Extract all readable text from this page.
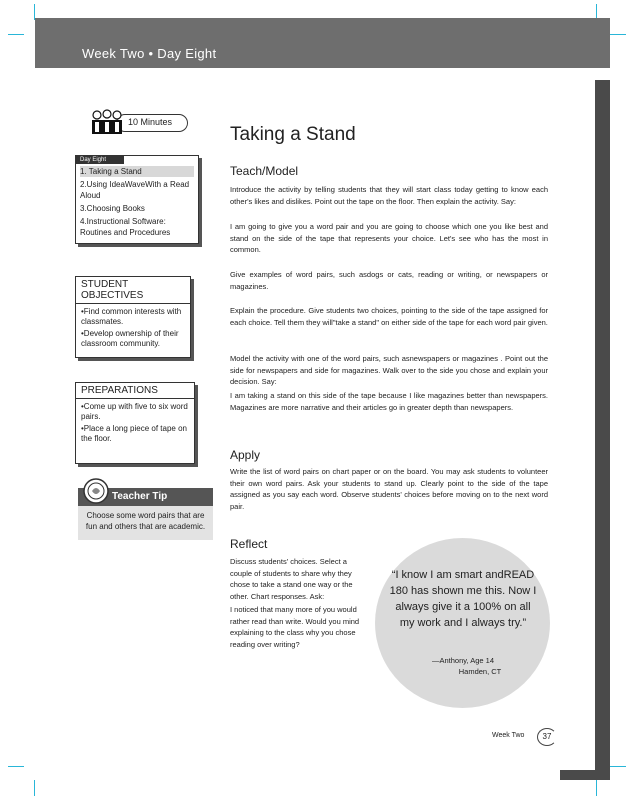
Week Two • Day Eight
10 Minutes
Day Eight
1. Taking a Stand
2.Using IdeaWaveWith a Read Aloud
3.Choosing Books
4.Instructional Software: Routines and Procedures
STUDENT OBJECTIVES
•Find common interests with classmates.
•Develop ownership of their classroom community.
PREPARATIONS
•Come up with five to six word pairs.
•Place a long piece of tape on the floor.
Teacher Tip
Choose some word pairs that are fun and others that are academic.
Taking a Stand
Teach/Model

Introduce the activity by telling students that they will start class today getting to know each other's likes and dislikes. Point out the tape on the floor. Then explain the activity. Say:

I am going to give you a word pair and you are going to choose which one you like best and stand on the side of the tape that represents your choice. Let's see who has the most in common.

Give examples of word pairs, such asdogs or cats, reading or writing, or newspapers or magazines.

Explain the procedure. Give students two choices, pointing to the side of the tape assigned for each choice. Tell them they will"take a stand" on either side of the tape for each word pair given.

Model the activity with one of the word pairs, such asnewspapers or magazines . Point out the side for newspapers and side for magazines. Walk over to the side you chose and explain your decision. Say:

I am taking a stand on this side of the tape because I like magazines better than newspapers. Magazines are more narrative and their articles go in greater depth than newspapers.

Apply

Write the list of word pairs on chart paper or on the board. You may ask students to volunteer their own word pairs. Ask your students to stand up. Clearly point to the side of the tape assigned as you say each word. Observe students' choices before moving on to the next word pair.

Reflect

Discuss students' choices. Select a couple of students to share why they chose to take a stand one way or the other. Chart responses. Ask:

I noticed that many more of you would rather read than write. Would you mind explaining to the class why you chose reading over writing?

“I know I am smart andREAD 180 has shown me this. Now I always give it a 100% on all my work and I always try.”
—Anthony, Age 14
Hamden, CT
Week Two	37
